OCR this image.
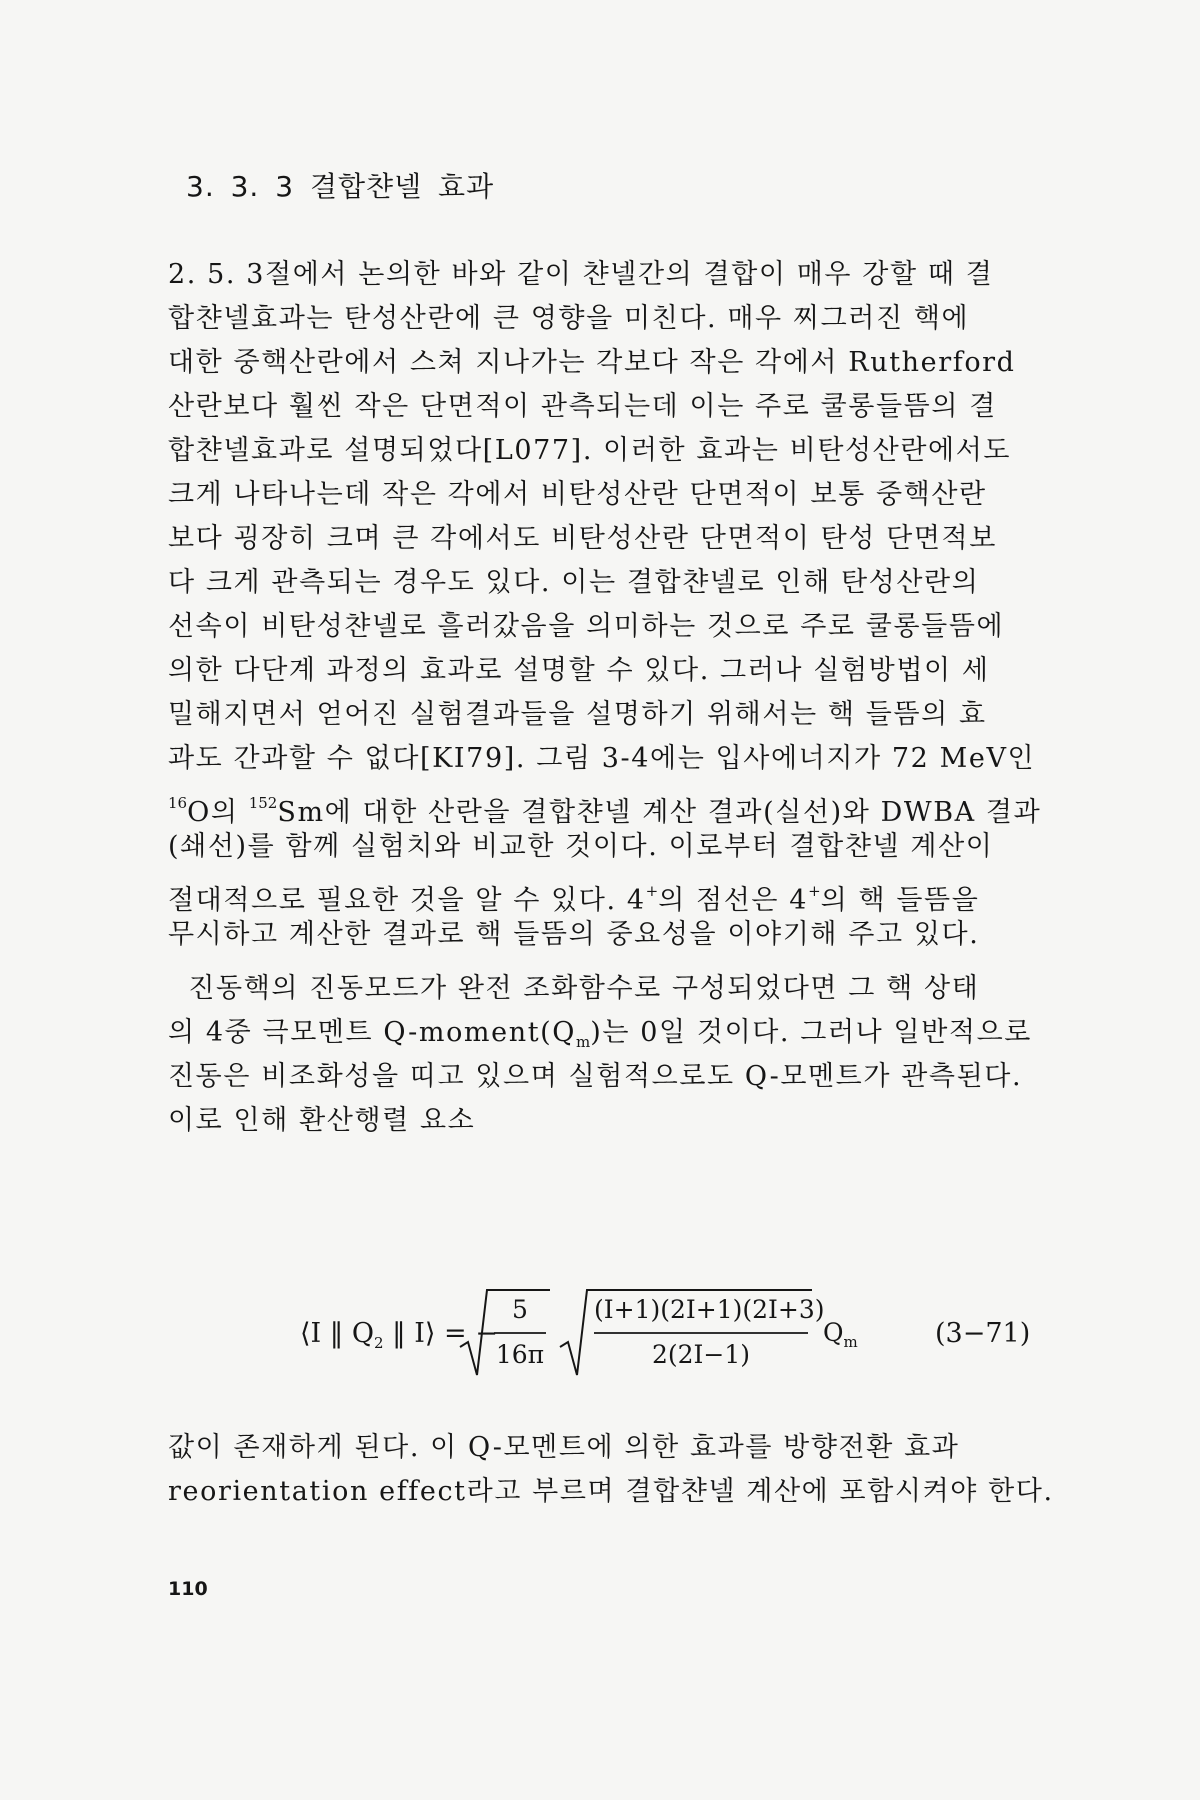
3. 3. 3 결합챤넬 효과
2. 5. 3절에서 논의한 바와 같이 챤넬간의 결합이 매우 강할 때 결
합챤넬효과는 탄성산란에 큰 영향을 미친다. 매우 찌그러진 핵에
대한 중핵산란에서 스쳐 지나가는 각보다 작은 각에서 Rutherford
산란보다 훨씬 작은 단면적이 관측되는데 이는 주로 쿨롱들뜸의 결
합챤넬효과로 설명되었다[L077]. 이러한 효과는 비탄성산란에서도
크게 나타나는데 작은 각에서 비탄성산란 단면적이 보통 중핵산란
보다 굉장히 크며 큰 각에서도 비탄성산란 단면적이 탄성 단면적보
다 크게 관측되는 경우도 있다. 이는 결합챤넬로 인해 탄성산란의
선속이 비탄성챤넬로 흘러갔음을 의미하는 것으로 주로 쿨롱들뜸에
의한 다단계 과정의 효과로 설명할 수 있다. 그러나 실험방법이 세
밀해지면서 얻어진 실험결과들을 설명하기 위해서는 핵 들뜸의 효
과도 간과할 수 없다[KI79]. 그림 3-4에는 입사에너지가 72 MeV인
$^{16}$O의 $^{152}$Sm에 대한 산란을 결합챤넬 계산 결과(실선)와 DWBA 결과
(쇄선)를 함께 실험치와 비교한 것이다. 이로부터 결합챤넬 계산이
절대적으로 필요한 것을 알 수 있다. 4+의 점선은 4+의 핵 들뜸을
무시하고 계산한 결과로 핵 들뜸의 중요성을 이야기해 주고 있다.
진동핵의 진동모드가 완전 조화함수로 구성되었다면 그 핵 상태
의 4중 극모멘트 $Q-moment(Q_m)$는 0일 것이다. 그러나 일반적으로
진동은 비조화성을 띠고 있으며 실험적으로도 Q-모멘트가 관측된다.
이로 인해 환산행렬 요소
⟨I ‖ $Q_2$ ‖ I⟩ = −
5
16π
(I+1)(2I+1)(2I+3)
2(2I−1)
$Q_m$	(3−71)
값이 존재하게 된다. 이 Q-모멘트에 의한 효과를 방향전환 효과
reorientation effect라고 부르며 결합챤넬 계산에 포함시켜야 한다.
110
